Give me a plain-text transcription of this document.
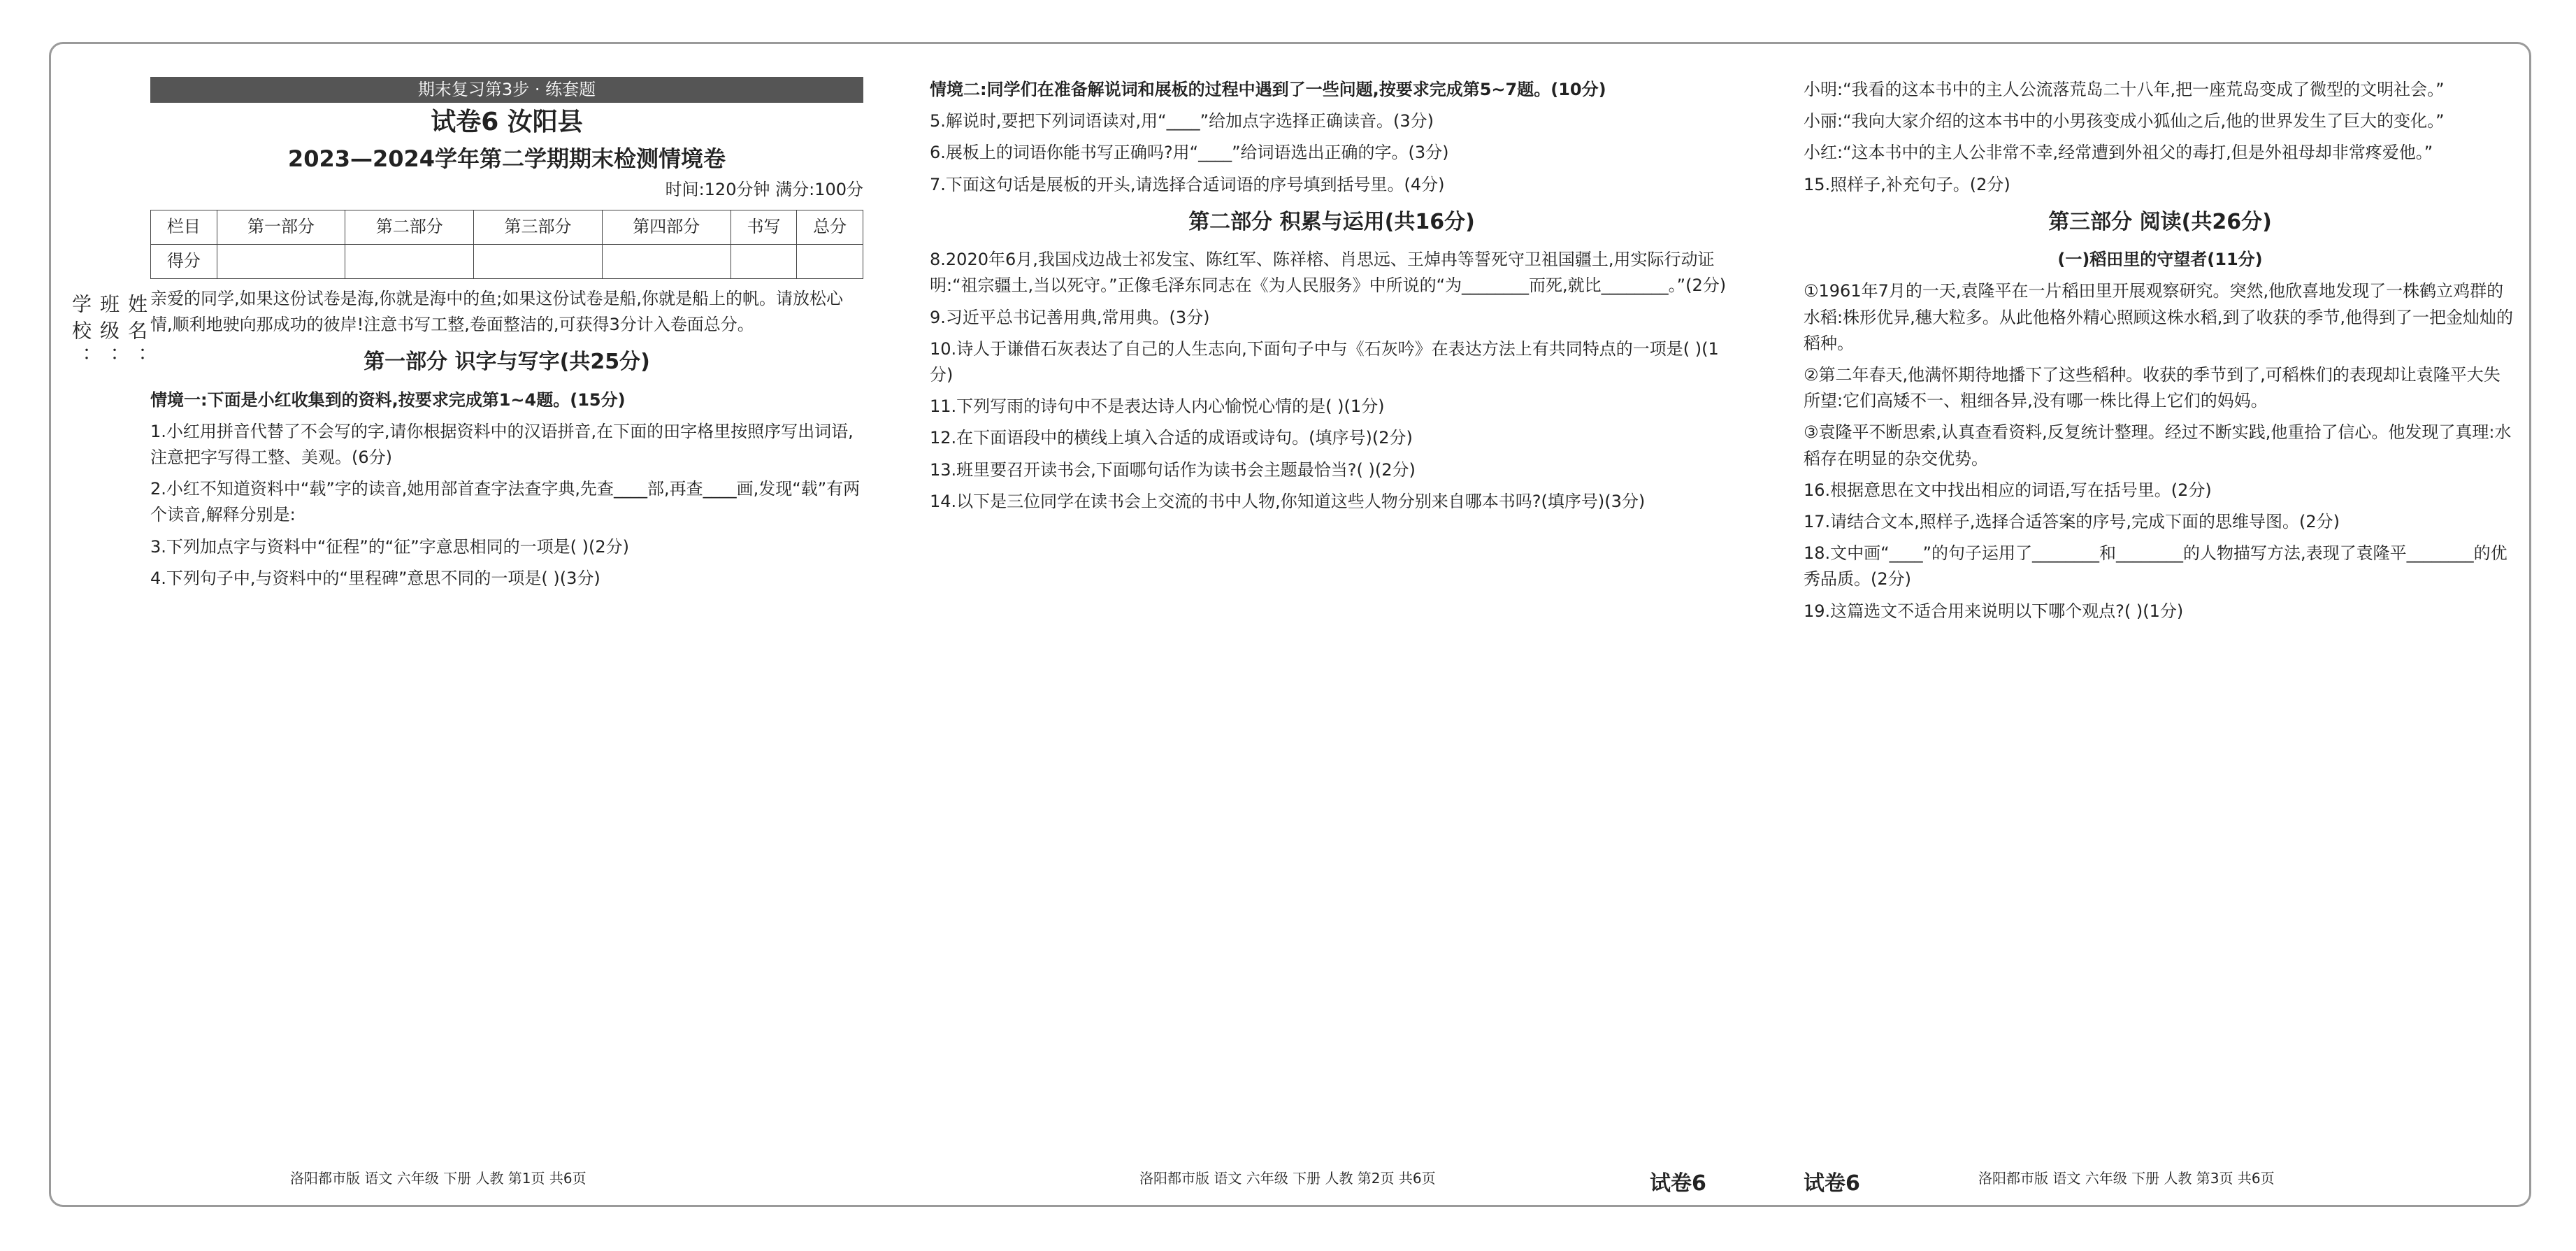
姓名：
班级：
学校：
期末复习第3步 · 练套题
试卷6 汝阳县
2023—2024学年第二学期期末检测情境卷
时间:120分钟 满分:100分
栏目	第一部分	第二部分	第三部分	第四部分	书写	总分
得分						

亲爱的同学,如果这份试卷是海,你就是海中的鱼;如果这份试卷是船,你就是船上的帆。请放松心情,顺利地驶向那成功的彼岸!注意书写工整,卷面整洁的,可获得3分计入卷面总分。

第一部分 识字与写字(共25分)

情境一:下面是小红收集到的资料,按要求完成第1~4题。(15分)

1.小红用拼音代替了不会写的字,请你根据资料中的汉语拼音,在下面的田字格里按照序写出词语,注意把字写得工整、美观。(6分)

2.小红不知道资料中“载”字的读音,她用部首查字法查字典,先查____部,再查____画,发现“载”有两个读音,解释分别是:

3.下列加点字与资料中“征程”的“征”字意思相同的一项是( )(2分)

4.下列句子中,与资料中的“里程碑”意思不同的一项是( )(3分)

洛阳都市版 语文 六年级 下册 人教 第1页 共6页

情境二:同学们在准备解说词和展板的过程中遇到了一些问题,按要求完成第5~7题。(10分)

5.解说时,要把下列词语读对,用“____”给加点字选择正确读音。(3分)

6.展板上的词语你能书写正确吗?用“____”给词语选出正确的字。(3分)

7.下面这句话是展板的开头,请选择合适词语的序号填到括号里。(4分)

第二部分 积累与运用(共16分)

8.2020年6月,我国戍边战士祁发宝、陈红军、陈祥榕、肖思远、王焯冉等誓死守卫祖国疆土,用实际行动证明:“祖宗疆土,当以死守。”正像毛泽东同志在《为人民服务》中所说的“为________而死,就比________。”(2分)

9.习近平总书记善用典,常用典。(3分)

10.诗人于谦借石灰表达了自己的人生志向,下面句子中与《石灰吟》在表达方法上有共同特点的一项是( )(1分)

11.下列写雨的诗句中不是表达诗人内心愉悦心情的是( )(1分)

12.在下面语段中的横线上填入合适的成语或诗句。(填序号)(2分)

13.班里要召开读书会,下面哪句话作为读书会主题最恰当?( )(2分)

14.以下是三位同学在读书会上交流的书中人物,你知道这些人物分别来自哪本书吗?(填序号)(3分)

洛阳都市版 语文 六年级 下册 人教 第2页 共6页	试卷6

小明:“我看的这本书中的主人公流落荒岛二十八年,把一座荒岛变成了微型的文明社会。”

小丽:“我向大家介绍的这本书中的小男孩变成小狐仙之后,他的世界发生了巨大的变化。”

小红:“这本书中的主人公非常不幸,经常遭到外祖父的毒打,但是外祖母却非常疼爱他。”

15.照样子,补充句子。(2分)

第三部分 阅读(共26分)

(一)稻田里的守望者(11分)

①1961年7月的一天,袁隆平在一片稻田里开展观察研究。突然,他欣喜地发现了一株鹤立鸡群的水稻:株形优异,穗大粒多。从此他格外精心照顾这株水稻,到了收获的季节,他得到了一把金灿灿的稻种。

②第二年春天,他满怀期待地播下了这些稻种。收获的季节到了,可稻株们的表现却让袁隆平大失所望:它们高矮不一、粗细各异,没有哪一株比得上它们的妈妈。

③袁隆平不断思索,认真查看资料,反复统计整理。经过不断实践,他重拾了信心。他发现了真理:水稻存在明显的杂交优势。

16.根据意思在文中找出相应的词语,写在括号里。(2分)

17.请结合文本,照样子,选择合适答案的序号,完成下面的思维导图。(2分)

18.文中画“____”的句子运用了________和________的人物描写方法,表现了袁隆平________的优秀品质。(2分)

19.这篇选文不适合用来说明以下哪个观点?( )(1分)

试卷6	洛阳都市版 语文 六年级 下册 人教 第3页 共6页
